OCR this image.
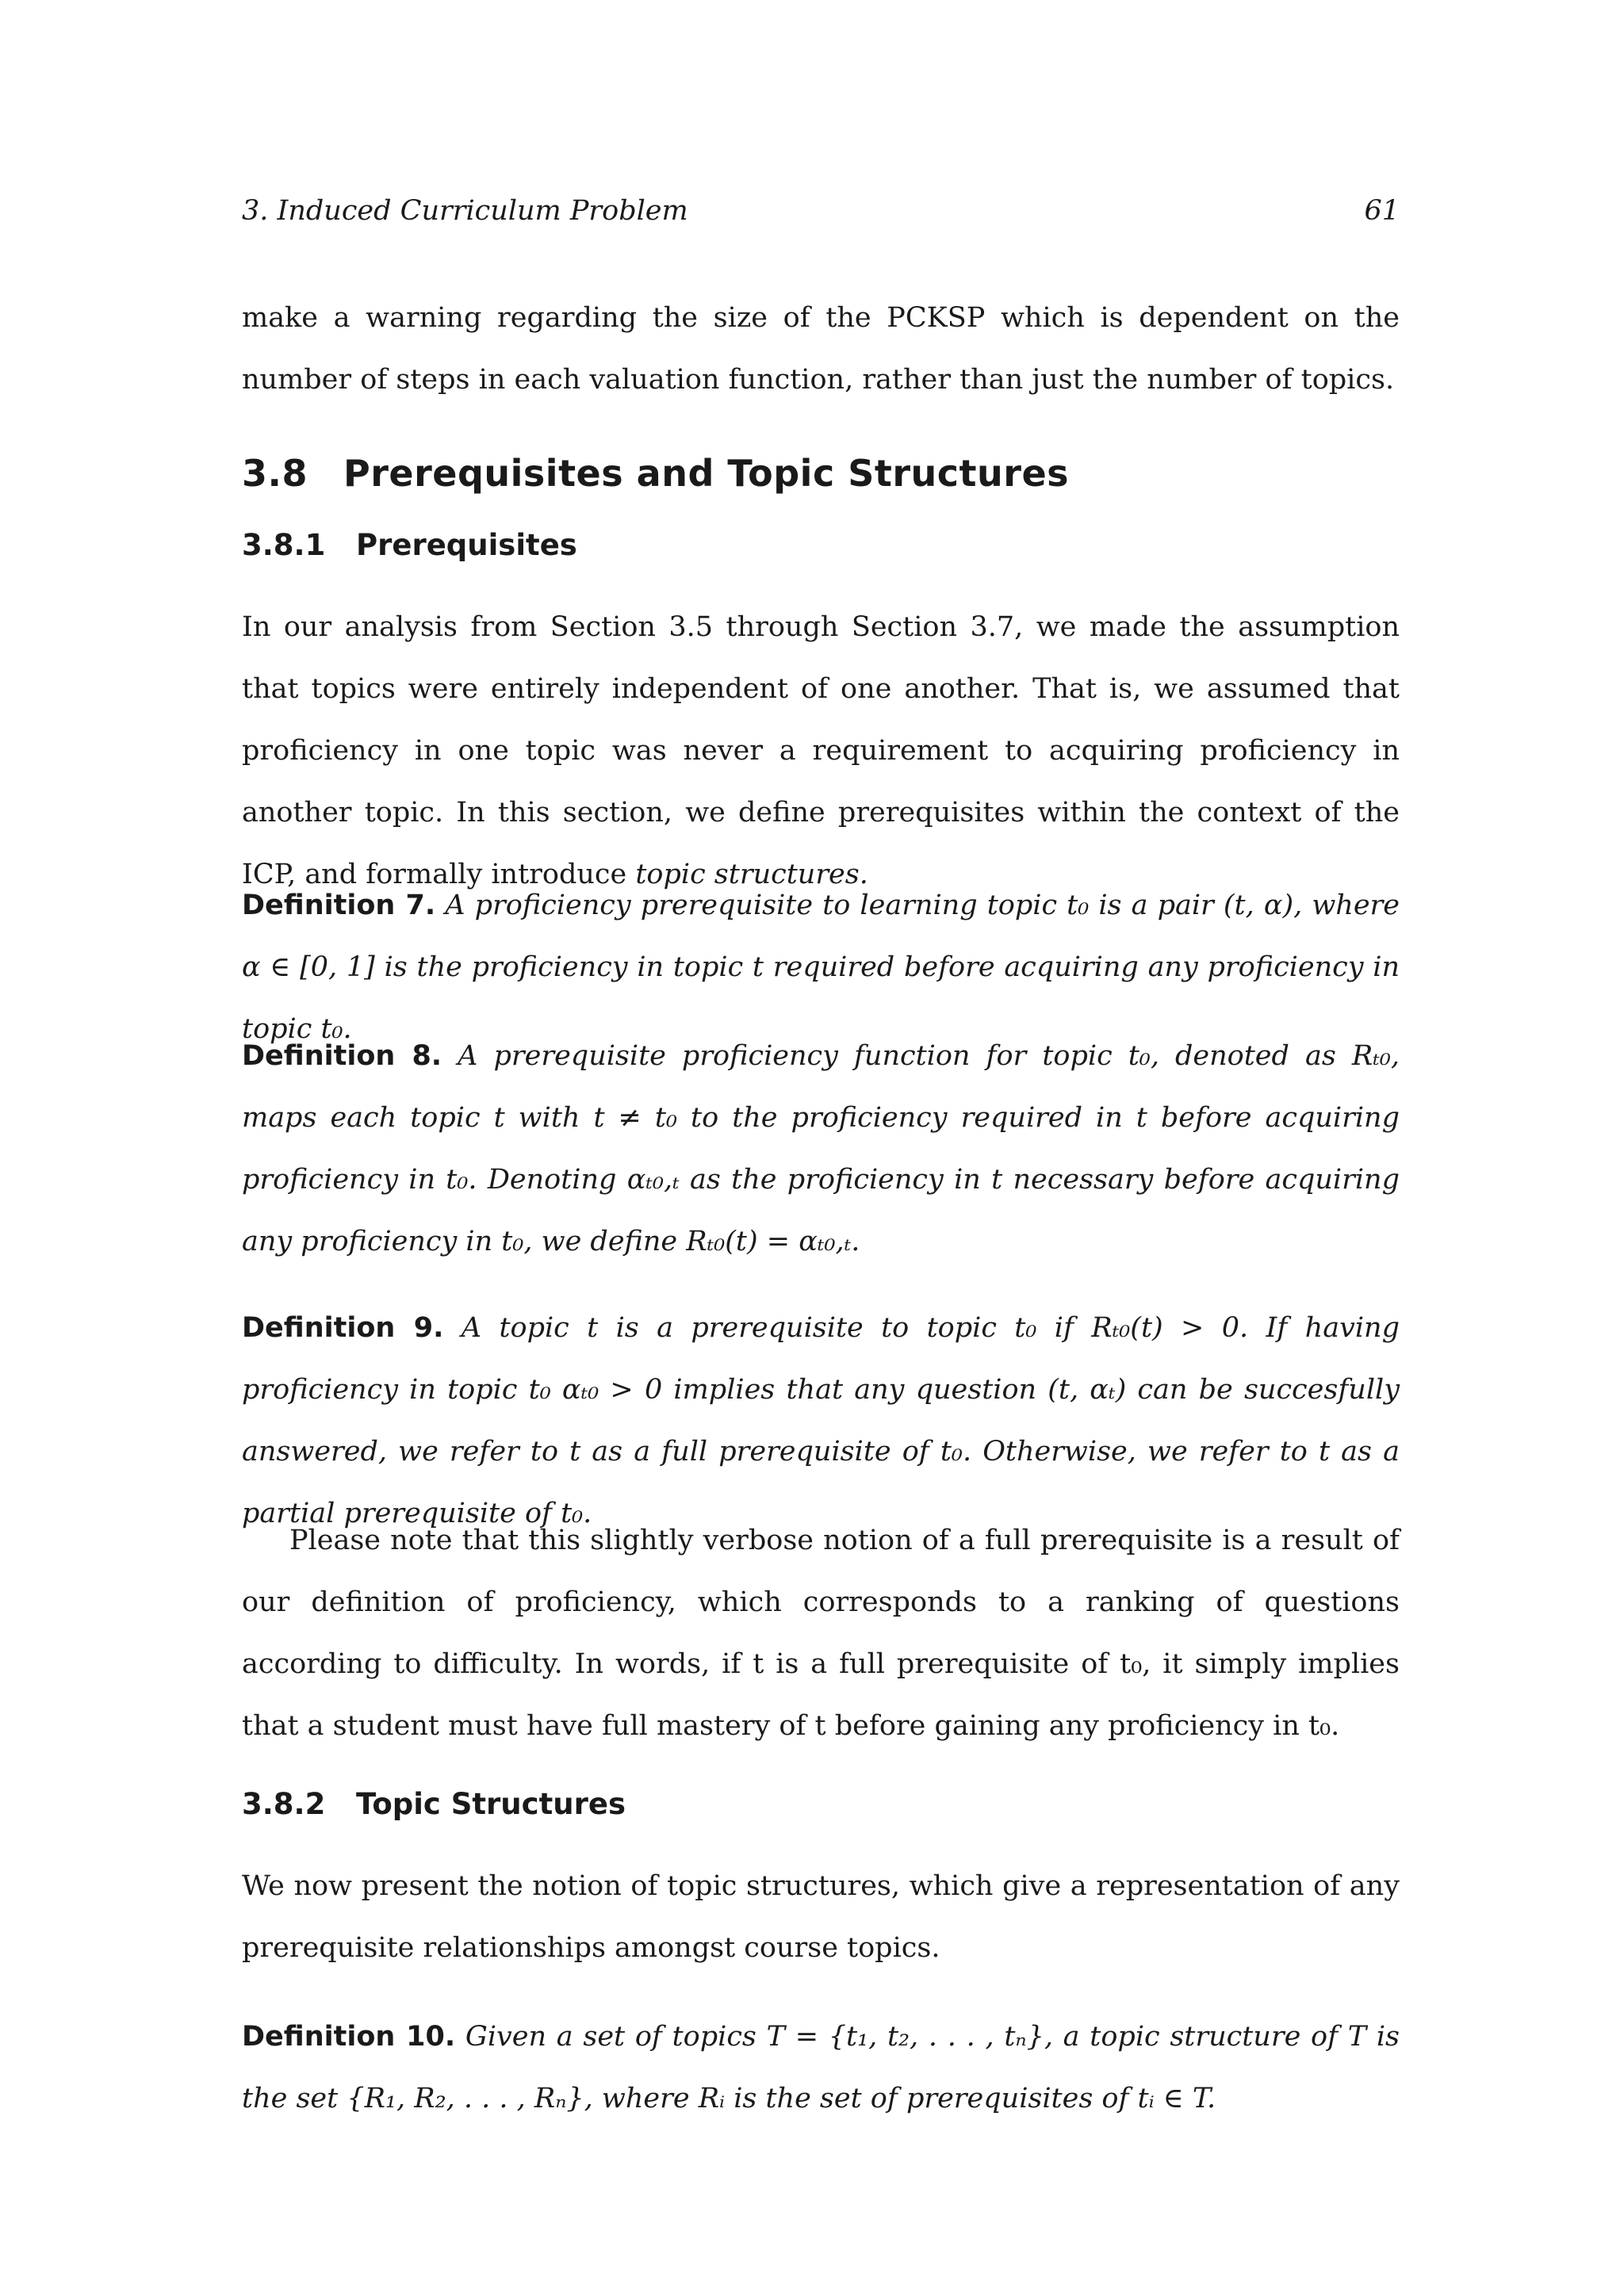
3. Induced Curriculum Problem	61

make a warning regarding the size of the PCKSP which is dependent on the number of steps in each valuation function, rather than just the number of topics.

3.8 Prerequisites and Topic Structures
3.8.1 Prerequisites

In our analysis from Section 3.5 through Section 3.7, we made the assumption that topics were entirely independent of one another. That is, we assumed that proficiency in one topic was never a requirement to acquiring proficiency in another topic. In this section, we define prerequisites within the context of the ICP, and formally introduce topic structures.

Definition 7. A proficiency prerequisite to learning topic t₀ is a pair (t, α), where α ∈ [0, 1] is the proficiency in topic t required before acquiring any proficiency in topic t₀.

Definition 8. A prerequisite proficiency function for topic t₀, denoted as Rₜ₀, maps each topic t with t ≠ t₀ to the proficiency required in t before acquiring proficiency in t₀. Denoting αₜ₀,ₜ as the proficiency in t necessary before acquiring any proficiency in t₀, we define Rₜ₀(t) = αₜ₀,ₜ.

Definition 9. A topic t is a prerequisite to topic t₀ if Rₜ₀(t) > 0. If having proficiency in topic t₀ αₜ₀ > 0 implies that any question (t, αₜ) can be succesfully answered, we refer to t as a full prerequisite of t₀. Otherwise, we refer to t as a partial prerequisite of t₀.

Please note that this slightly verbose notion of a full prerequisite is a result of our definition of proficiency, which corresponds to a ranking of questions according to difficulty. In words, if t is a full prerequisite of t₀, it simply implies that a student must have full mastery of t before gaining any proficiency in t₀.

3.8.2 Topic Structures

We now present the notion of topic structures, which give a representation of any prerequisite relationships amongst course topics.

Definition 10. Given a set of topics T = {t₁, t₂, . . . , tₙ}, a topic structure of T is the set {R₁, R₂, . . . , Rₙ}, where Rᵢ is the set of prerequisites of tᵢ ∈ T.
